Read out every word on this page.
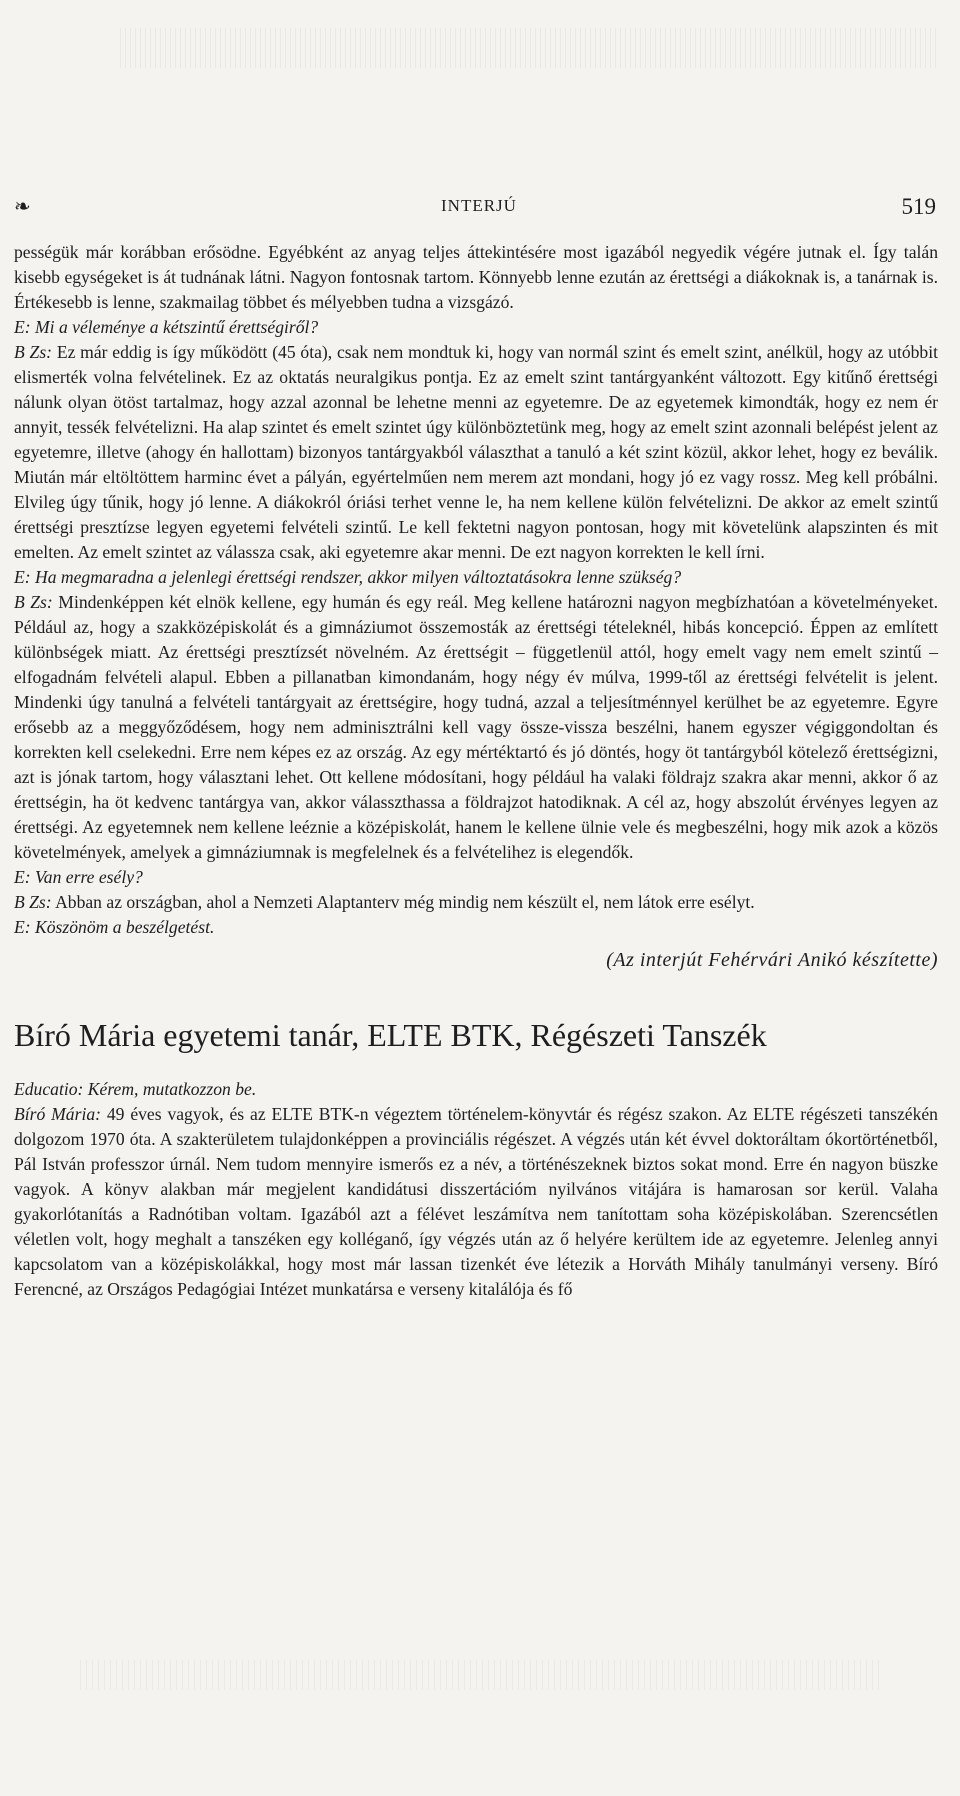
❧	INTERJÚ	519

pességük már korábban erősödne. Egyébként az anyag teljes áttekintésére most igazából negyedik végére jutnak el. Így talán kisebb egységeket is át tudnának látni. Nagyon fontosnak tartom. Könnyebb lenne ezután az érettségi a diákoknak is, a tanárnak is. Értékesebb is lenne, szakmailag többet és mélyebben tudna a vizsgázó.

E: Mi a véleménye a kétszintű érettségiről?

B Zs: Ez már eddig is így működött (45 óta), csak nem mondtuk ki, hogy van normál szint és emelt szint, anélkül, hogy az utóbbit elismerték volna felvételinek. Ez az oktatás neuralgikus pontja. Ez az emelt szint tantárgyanként változott. Egy kitűnő érettségi nálunk olyan ötöst tartalmaz, hogy azzal azonnal be lehetne menni az egyetemre. De az egyetemek kimondták, hogy ez nem ér annyit, tessék felvételizni. Ha alap szintet és emelt szintet úgy különböztetünk meg, hogy az emelt szint azonnali belépést jelent az egyetemre, illetve (ahogy én hallottam) bizonyos tantárgyakból választhat a tanuló a két szint közül, akkor lehet, hogy ez beválik. Miután már eltöltöttem harminc évet a pályán, egyértelműen nem merem azt mondani, hogy jó ez vagy rossz. Meg kell próbálni. Elvileg úgy tűnik, hogy jó lenne. A diákokról óriási terhet venne le, ha nem kellene külön felvételizni. De akkor az emelt szintű érettségi presztízse legyen egyetemi felvételi szintű. Le kell fektetni nagyon pontosan, hogy mit követelünk alapszinten és mit emelten. Az emelt szintet az válassza csak, aki egyetemre akar menni. De ezt nagyon korrekten le kell írni.

E: Ha megmaradna a jelenlegi érettségi rendszer, akkor milyen változtatásokra lenne szükség?

B Zs: Mindenképpen két elnök kellene, egy humán és egy reál. Meg kellene határozni nagyon megbízhatóan a követelményeket. Például az, hogy a szakközépiskolát és a gimnáziumot összemosták az érettségi tételeknél, hibás koncepció. Éppen az említett különbségek miatt. Az érettségi presztízsét növelném. Az érettségit – függetlenül attól, hogy emelt vagy nem emelt szintű – elfogadnám felvételi alapul. Ebben a pillanatban kimondanám, hogy négy év múlva, 1999-től az érettségi felvételit is jelent. Mindenki úgy tanulná a felvételi tantárgyait az érettségire, hogy tudná, azzal a teljesítménnyel kerülhet be az egyetemre. Egyre erősebb az a meggyőződésem, hogy nem adminisztrálni kell vagy össze-vissza beszélni, hanem egyszer végiggondoltan és korrekten kell cselekedni. Erre nem képes ez az ország. Az egy mértéktartó és jó döntés, hogy öt tantárgyból kötelező érettségizni, azt is jónak tartom, hogy választani lehet. Ott kellene módosítani, hogy például ha valaki földrajz szakra akar menni, akkor ő az érettségin, ha öt kedvenc tantárgya van, akkor válasszthassa a földrajzot hatodiknak. A cél az, hogy abszolút érvényes legyen az érettségi. Az egyetemnek nem kellene leéznie a középiskolát, hanem le kellene ülnie vele és megbeszélni, hogy mik azok a közös követelmények, amelyek a gimnáziumnak is megfelelnek és a felvételihez is elegendők.

E: Van erre esély?

B Zs: Abban az országban, ahol a Nemzeti Alaptanterv még mindig nem készült el, nem látok erre esélyt.

E: Köszönöm a beszélgetést.

(Az interjút Fehérvári Anikó készítette)
Bíró Mária egyetemi tanár, ELTE BTK, Régészeti Tanszék

Educatio: Kérem, mutatkozzon be.

Bíró Mária: 49 éves vagyok, és az ELTE BTK-n végeztem történelem-könyvtár és régész szakon. Az ELTE régészeti tanszékén dolgozom 1970 óta. A szakterületem tulajdonképpen a provinciális régészet. A végzés után két évvel doktoráltam ókortörténetből, Pál István professzor úrnál. Nem tudom mennyire ismerős ez a név, a történészeknek biztos sokat mond. Erre én nagyon büszke vagyok. A könyv alakban már megjelent kandidátusi disszertációm nyilvános vitájára is hamarosan sor kerül. Valaha gyakorlótanítás a Radnótiban voltam. Igazából azt a félévet leszámítva nem tanítottam soha középiskolában. Szerencsétlen véletlen volt, hogy meghalt a tanszéken egy kolléganő, így végzés után az ő helyére kerültem ide az egyetemre. Jelenleg annyi kapcsolatom van a középiskolákkal, hogy most már lassan tizenkét éve létezik a Horváth Mihály tanulmányi verseny. Bíró Ferencné, az Országos Pedagógiai Intézet munkatársa e verseny kitalálója és fő
